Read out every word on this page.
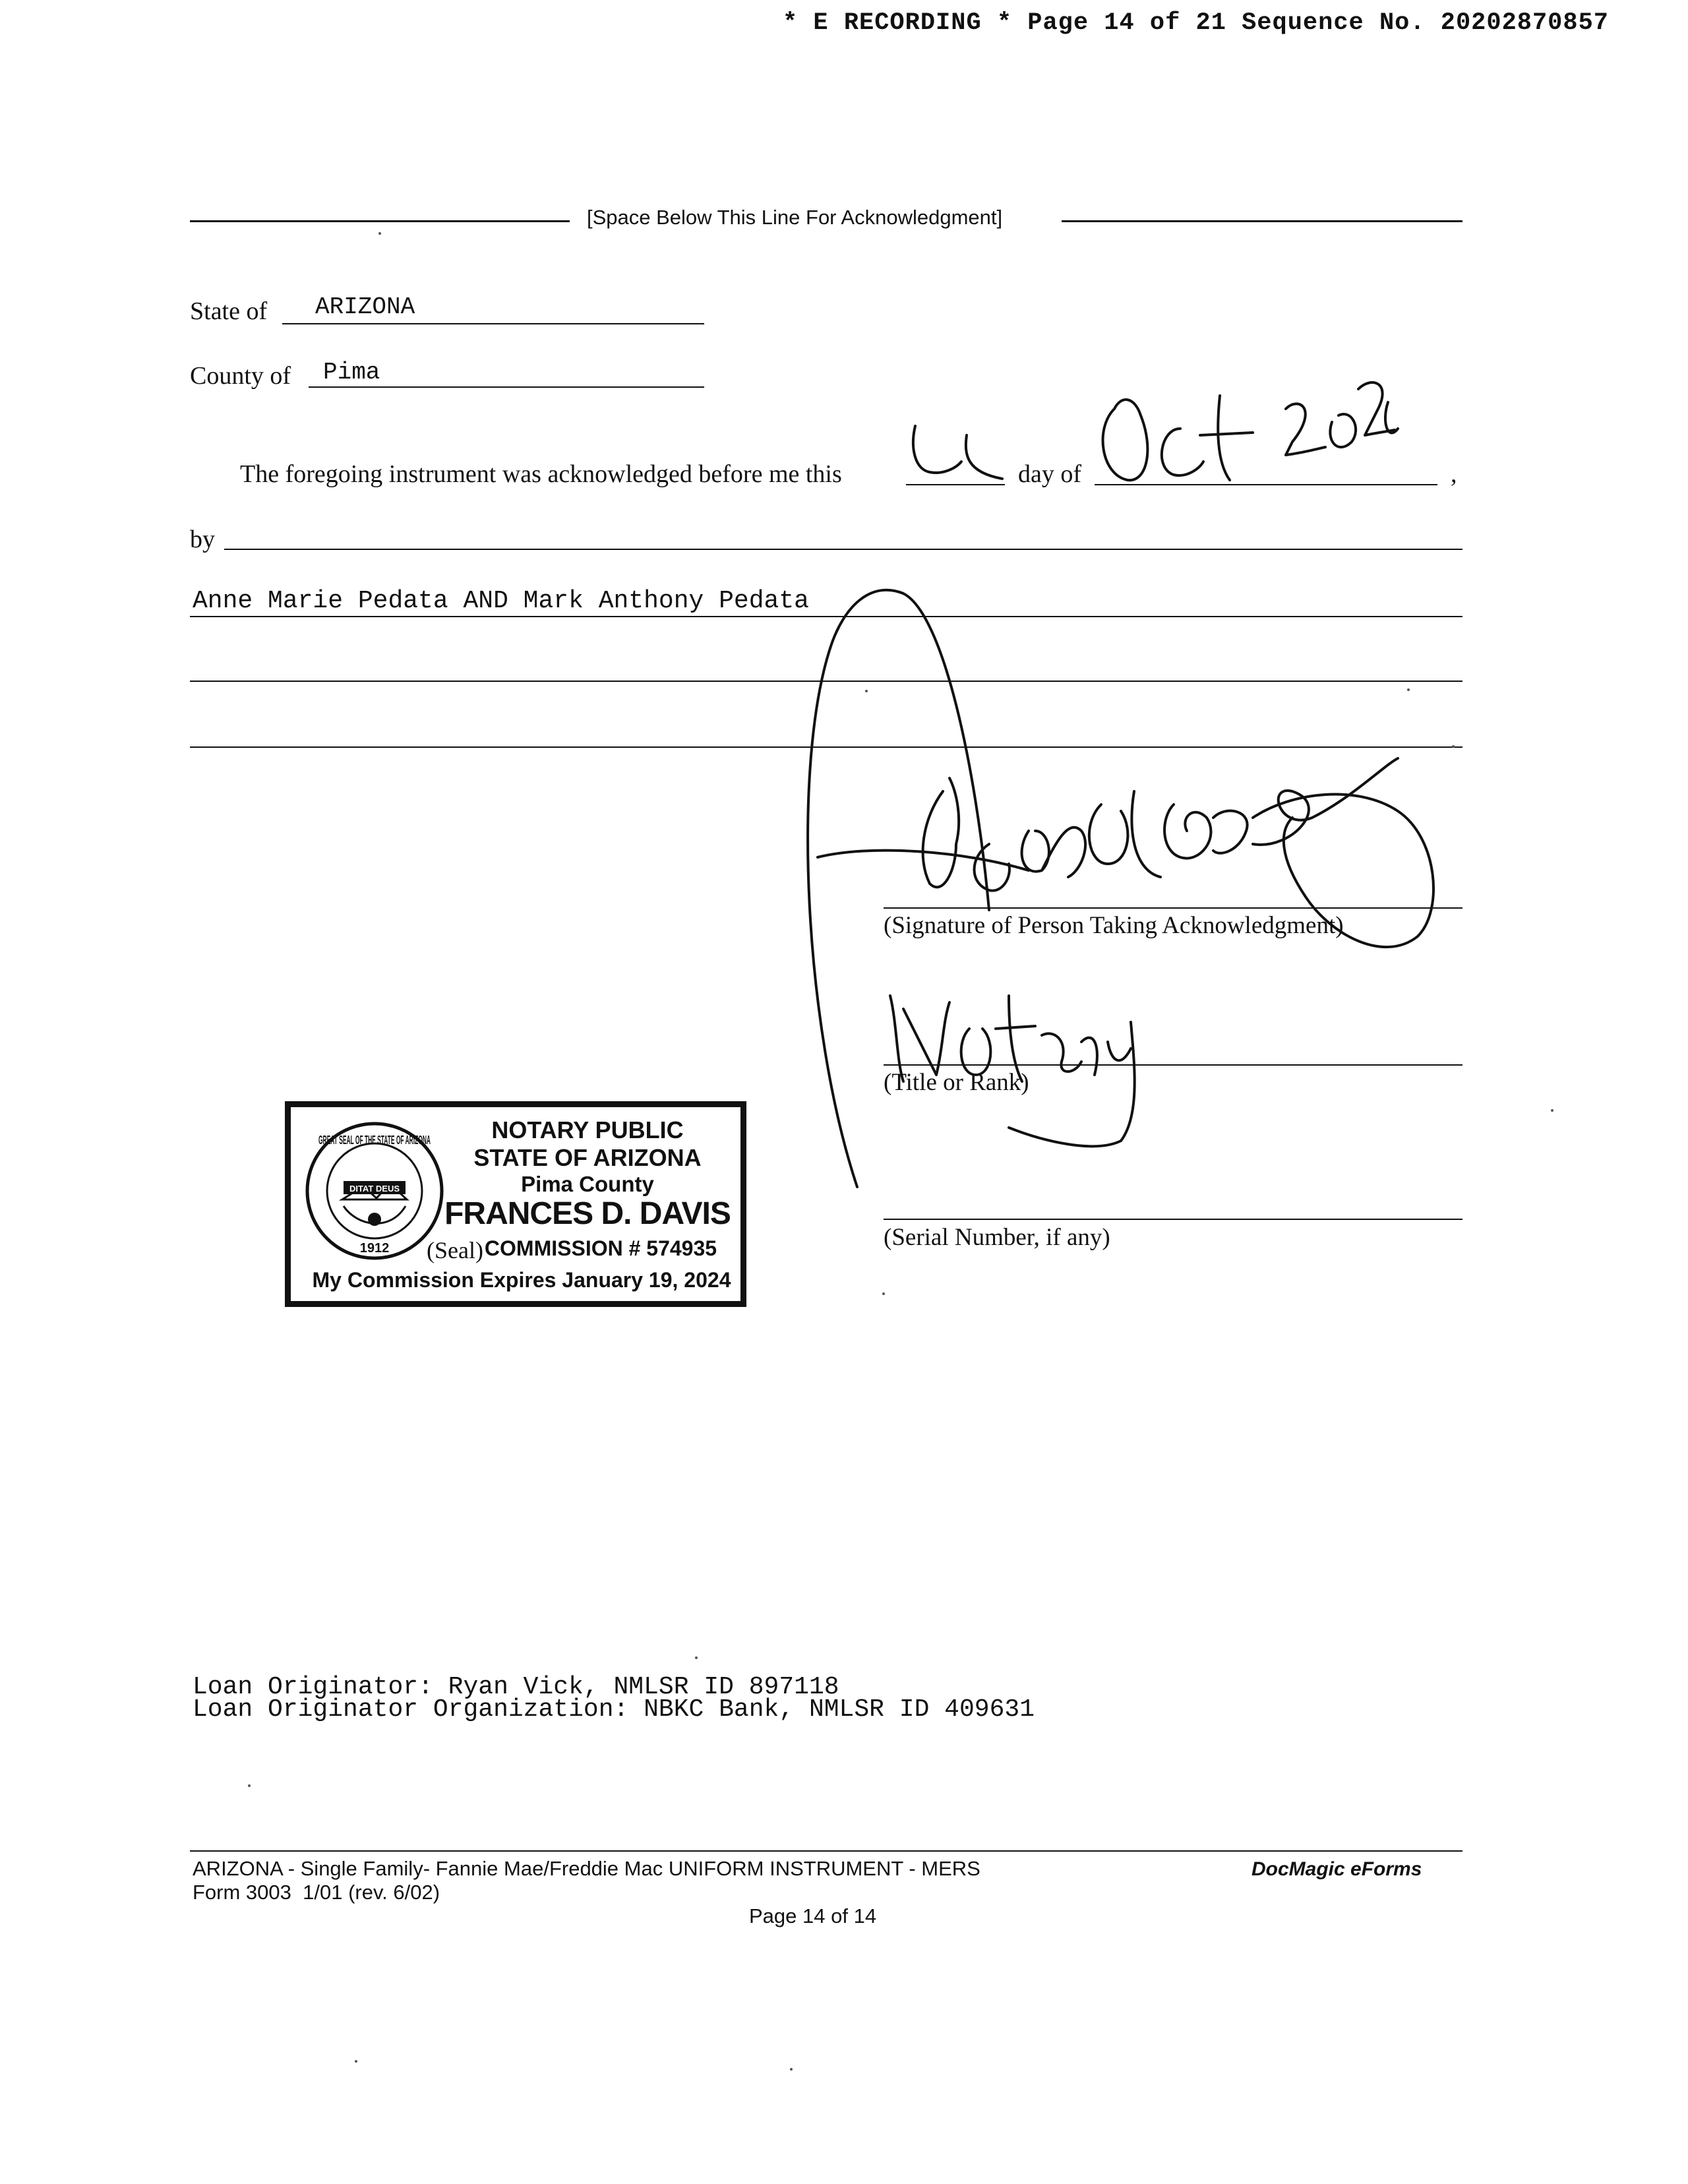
* E RECORDING * Page 14 of 21 Sequence No. 20202870857
[Space Below This Line For Acknowledgment]
State of ARIZONA
County of Pima
The foregoing instrument was acknowledged before me this	day of	,
by
Anne Marie Pedata AND Mark Anthony Pedata
(Signature of Person Taking Acknowledgment)
(Title or Rank)
(Serial Number, if any)
GREAT SEAL OF THE STATE OF ARIZONA
DITAT DEUS
1912
NOTARY PUBLIC
STATE OF ARIZONA
Pima County
FRANCES D. DAVIS
(Seal) COMMISSION # 574935
My Commission Expires January 19, 2024
Loan Originator: Ryan Vick, NMLSR ID 897118
Loan Originator Organization: NBKC Bank, NMLSR ID 409631
ARIZONA - Single Family- Fannie Mae/Freddie Mac UNIFORM INSTRUMENT - MERS
Form 3003  1/01 (rev. 6/02)
DocMagic eForms
Page 14 of 14
